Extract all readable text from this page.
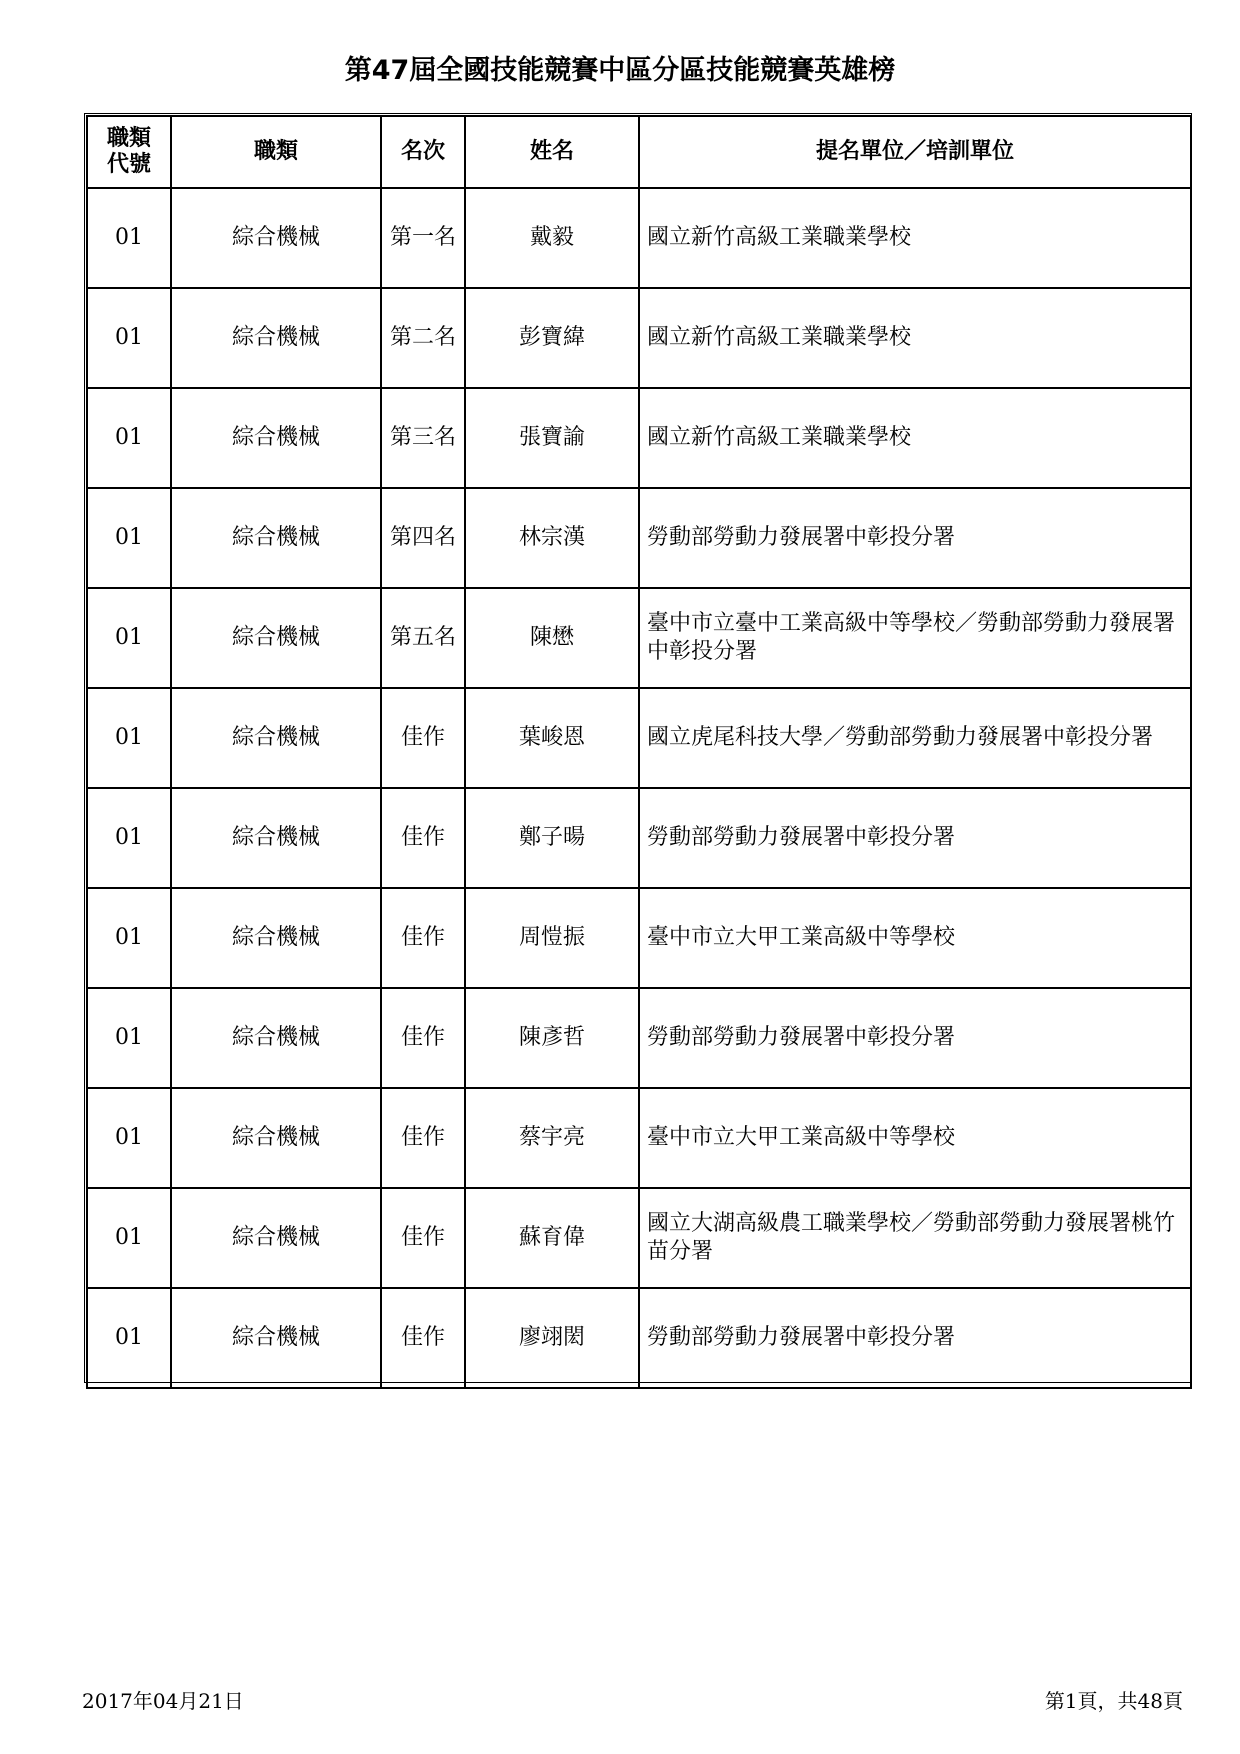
第47屆全國技能競賽中區分區技能競賽英雄榜
職類代號	職類	名次	姓名	提名單位／培訓單位
01	綜合機械	第一名	戴毅	國立新竹高級工業職業學校
01	綜合機械	第二名	彭寶緯	國立新竹高級工業職業學校
01	綜合機械	第三名	張寶諭	國立新竹高級工業職業學校
01	綜合機械	第四名	林宗漢	勞動部勞動力發展署中彰投分署
01	綜合機械	第五名	陳懋	臺中市立臺中工業高級中等學校／勞動部勞動力發展署中彰投分署
01	綜合機械	佳作	葉峻恩	國立虎尾科技大學／勞動部勞動力發展署中彰投分署
01	綜合機械	佳作	鄭子暘	勞動部勞動力發展署中彰投分署
01	綜合機械	佳作	周愷振	臺中市立大甲工業高級中等學校
01	綜合機械	佳作	陳彥哲	勞動部勞動力發展署中彰投分署
01	綜合機械	佳作	蔡宇亮	臺中市立大甲工業高級中等學校
01	綜合機械	佳作	蘇育偉	國立大湖高級農工職業學校／勞動部勞動力發展署桃竹苗分署
01	綜合機械	佳作	廖翊閎	勞動部勞動力發展署中彰投分署
2017年04月21日	第1頁，共48頁
